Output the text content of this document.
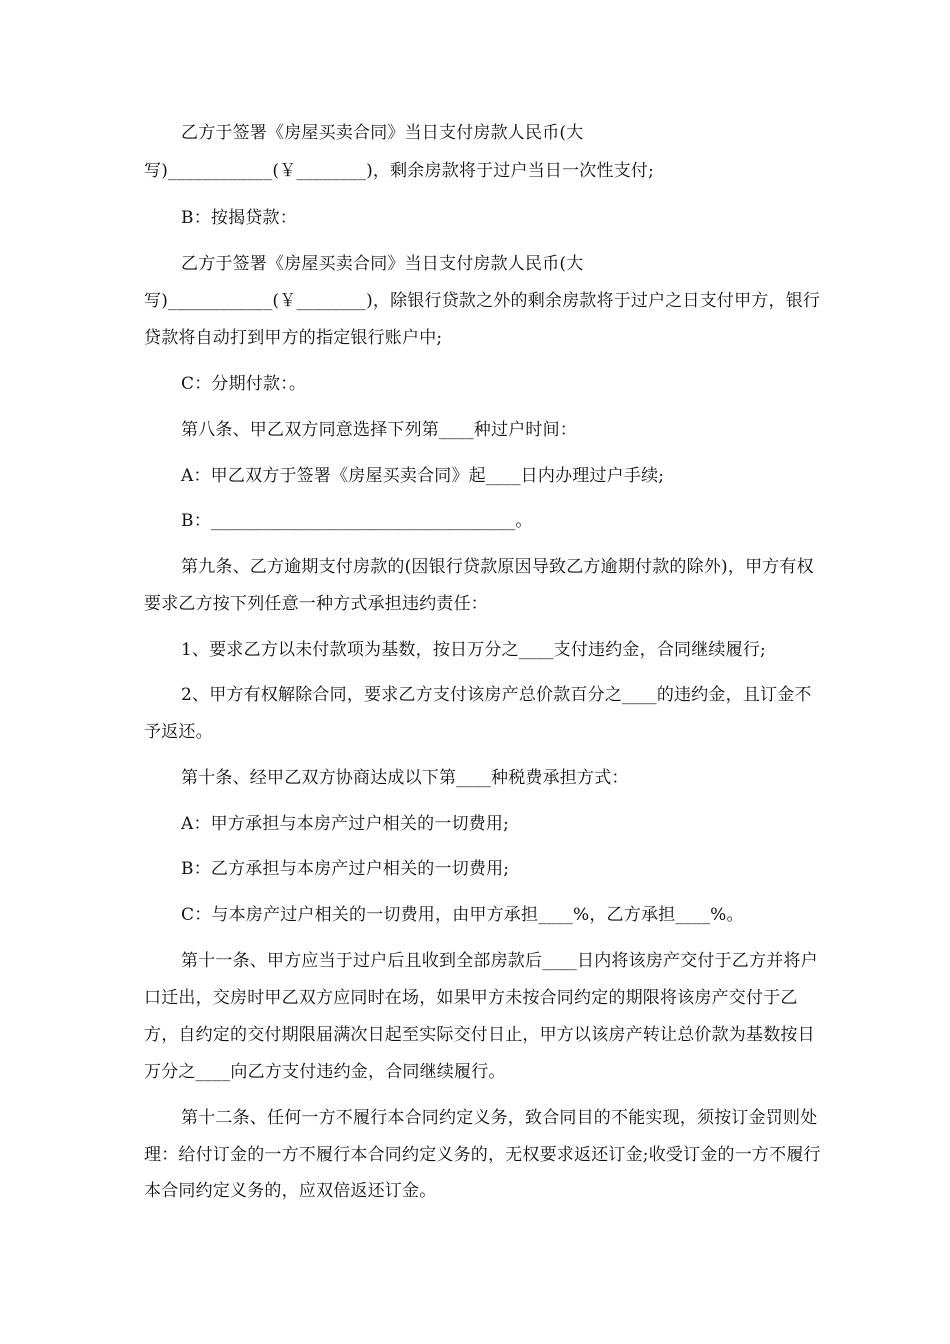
乙方于签署《房屋买卖合同》当日支付房款人民币(大
写)____________(￥________)，剩余房款将于过户当日一次性支付;
B：按揭贷款：
乙方于签署《房屋买卖合同》当日支付房款人民币(大
写)____________(￥________)，除银行贷款之外的剩余房款将于过户之日支付甲方，银行
贷款将自动打到甲方的指定银行账户中;
C：分期付款：。
第八条、甲乙双方同意选择下列第____种过户时间：
A：甲乙双方于签署《房屋买卖合同》起____日内办理过户手续;
B：___________________________________。
第九条、乙方逾期支付房款的(因银行贷款原因导致乙方逾期付款的除外)，甲方有权
要求乙方按下列任意一种方式承担违约责任：
1、要求乙方以未付款项为基数，按日万分之____支付违约金，合同继续履行;
2、甲方有权解除合同，要求乙方支付该房产总价款百分之____的违约金，且订金不
予返还。
第十条、经甲乙双方协商达成以下第____种税费承担方式：
A：甲方承担与本房产过户相关的一切费用;
B：乙方承担与本房产过户相关的一切费用;
C：与本房产过户相关的一切费用，由甲方承担____%，乙方承担____%。
第十一条、甲方应当于过户后且收到全部房款后____日内将该房产交付于乙方并将户
口迁出，交房时甲乙双方应同时在场，如果甲方未按合同约定的期限将该房产交付于乙
方，自约定的交付期限届满次日起至实际交付日止，甲方以该房产转让总价款为基数按日
万分之____向乙方支付违约金，合同继续履行。
第十二条、任何一方不履行本合同约定义务，致合同目的不能实现，须按订金罚则处
理：给付订金的一方不履行本合同约定义务的，无权要求返还订金;收受订金的一方不履行
本合同约定义务的，应双倍返还订金。
